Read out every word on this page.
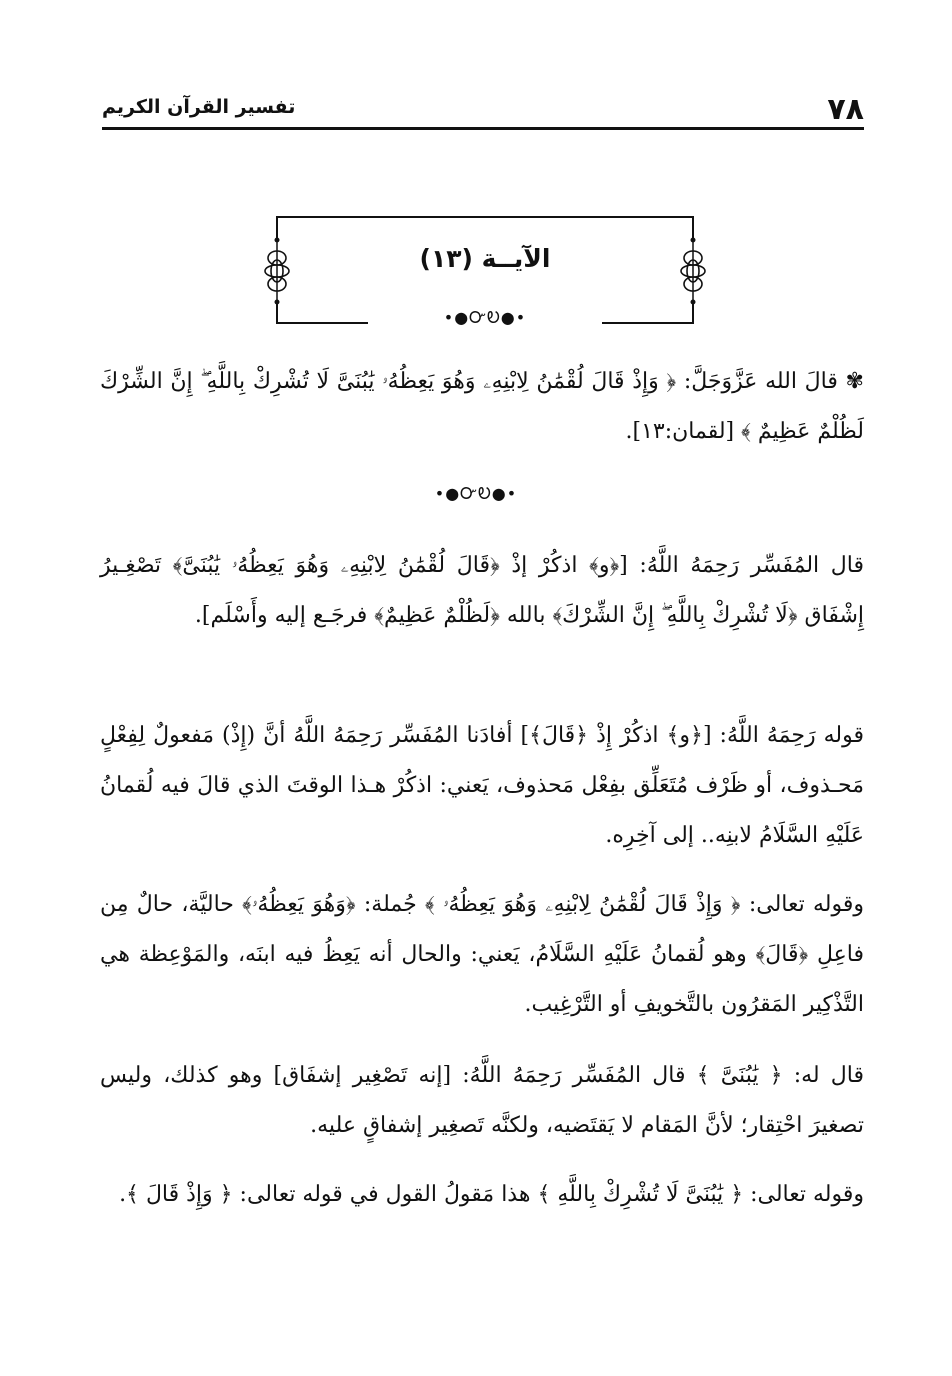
٧٨
تفسير القرآن الكريم
الآيــة (١٣)
•●ᏅᎧ●•

✾ قالَ الله عَزَّوَجَلَّ: ﴿ وَإِذْ قَالَ لُقْمَٰنُ لِابْنِهِۦ وَهُوَ يَعِظُهُۥ يَٰبُنَىَّ لَا تُشْرِكْ بِاللَّهِ ۖ إِنَّ الشِّرْكَ لَظُلْمٌ عَظِيمٌ ﴾ [لقمان:١٣].

•●ᏅᎧ●•

قال المُفَسِّر رَحِمَهُ اللَّهُ: [﴿و﴾ اذكُرْ إذْ ﴿قَالَ لُقْمَٰنُ لِابْنِهِۦ وَهُوَ يَعِظُهُۥ يَٰبُنَىَّ﴾ تَصْغِـيرُ إِشْفَاق ﴿لَا تُشْرِكْ بِاللَّهِ ۖ إِنَّ الشِّرْكَ﴾ بالله ﴿لَظُلْمٌ عَظِيمٌ﴾ فرجَـع إليه وأَسْلَم].

قوله رَحِمَهُ اللَّهُ: [﴿و﴾ اذكُرْ إِذْ ﴿قَالَ﴾] أفادَنا المُفَسِّر رَحِمَهُ اللَّهُ أنَّ (إِذْ) مَفعولٌ لِفِعْلٍ مَحـذوف، أو ظَرْف مُتَعَلِّق بفِعْل مَحذوف، يَعني: اذكُرْ هـذا الوقتَ الذي قالَ فيه لُقمانُ عَلَيْهِ السَّلَامُ لابنِه.. إلى آخِرِه.

وقوله تعالى: ﴿ وَإِذْ قَالَ لُقْمَٰنُ لِابْنِهِۦ وَهُوَ يَعِظُهُۥ ﴾ جُملة: ﴿وَهُوَ يَعِظُهُۥ﴾ حاليَّة، حالٌ مِن فاعِلِ ﴿قَالَ﴾ وهو لُقمانُ عَلَيْهِ السَّلَامُ، يَعني: والحال أنه يَعِظُ فيه ابنَه، والمَوْعِظة هي التَّذْكِير المَقرُون بالتَّخويفِ أو التَّرْغِيب.

قال له: ﴿ يَٰبُنَىَّ ﴾ قال المُفَسِّر رَحِمَهُ اللَّهُ: [إنه تَصْغِير إشفَاق] وهو كذلك، وليس تصغيرَ احْتِقار؛ لأنَّ المَقام لا يَقتَضيه، ولكنَّه تَصغِير إشفاقٍ عليه.

وقوله تعالى: ﴿ يَٰبُنَىَّ لَا تُشْرِكْ بِاللَّهِ ﴾ هذا مَقولُ القول في قوله تعالى: ﴿ وَإِذْ قَالَ ﴾.
